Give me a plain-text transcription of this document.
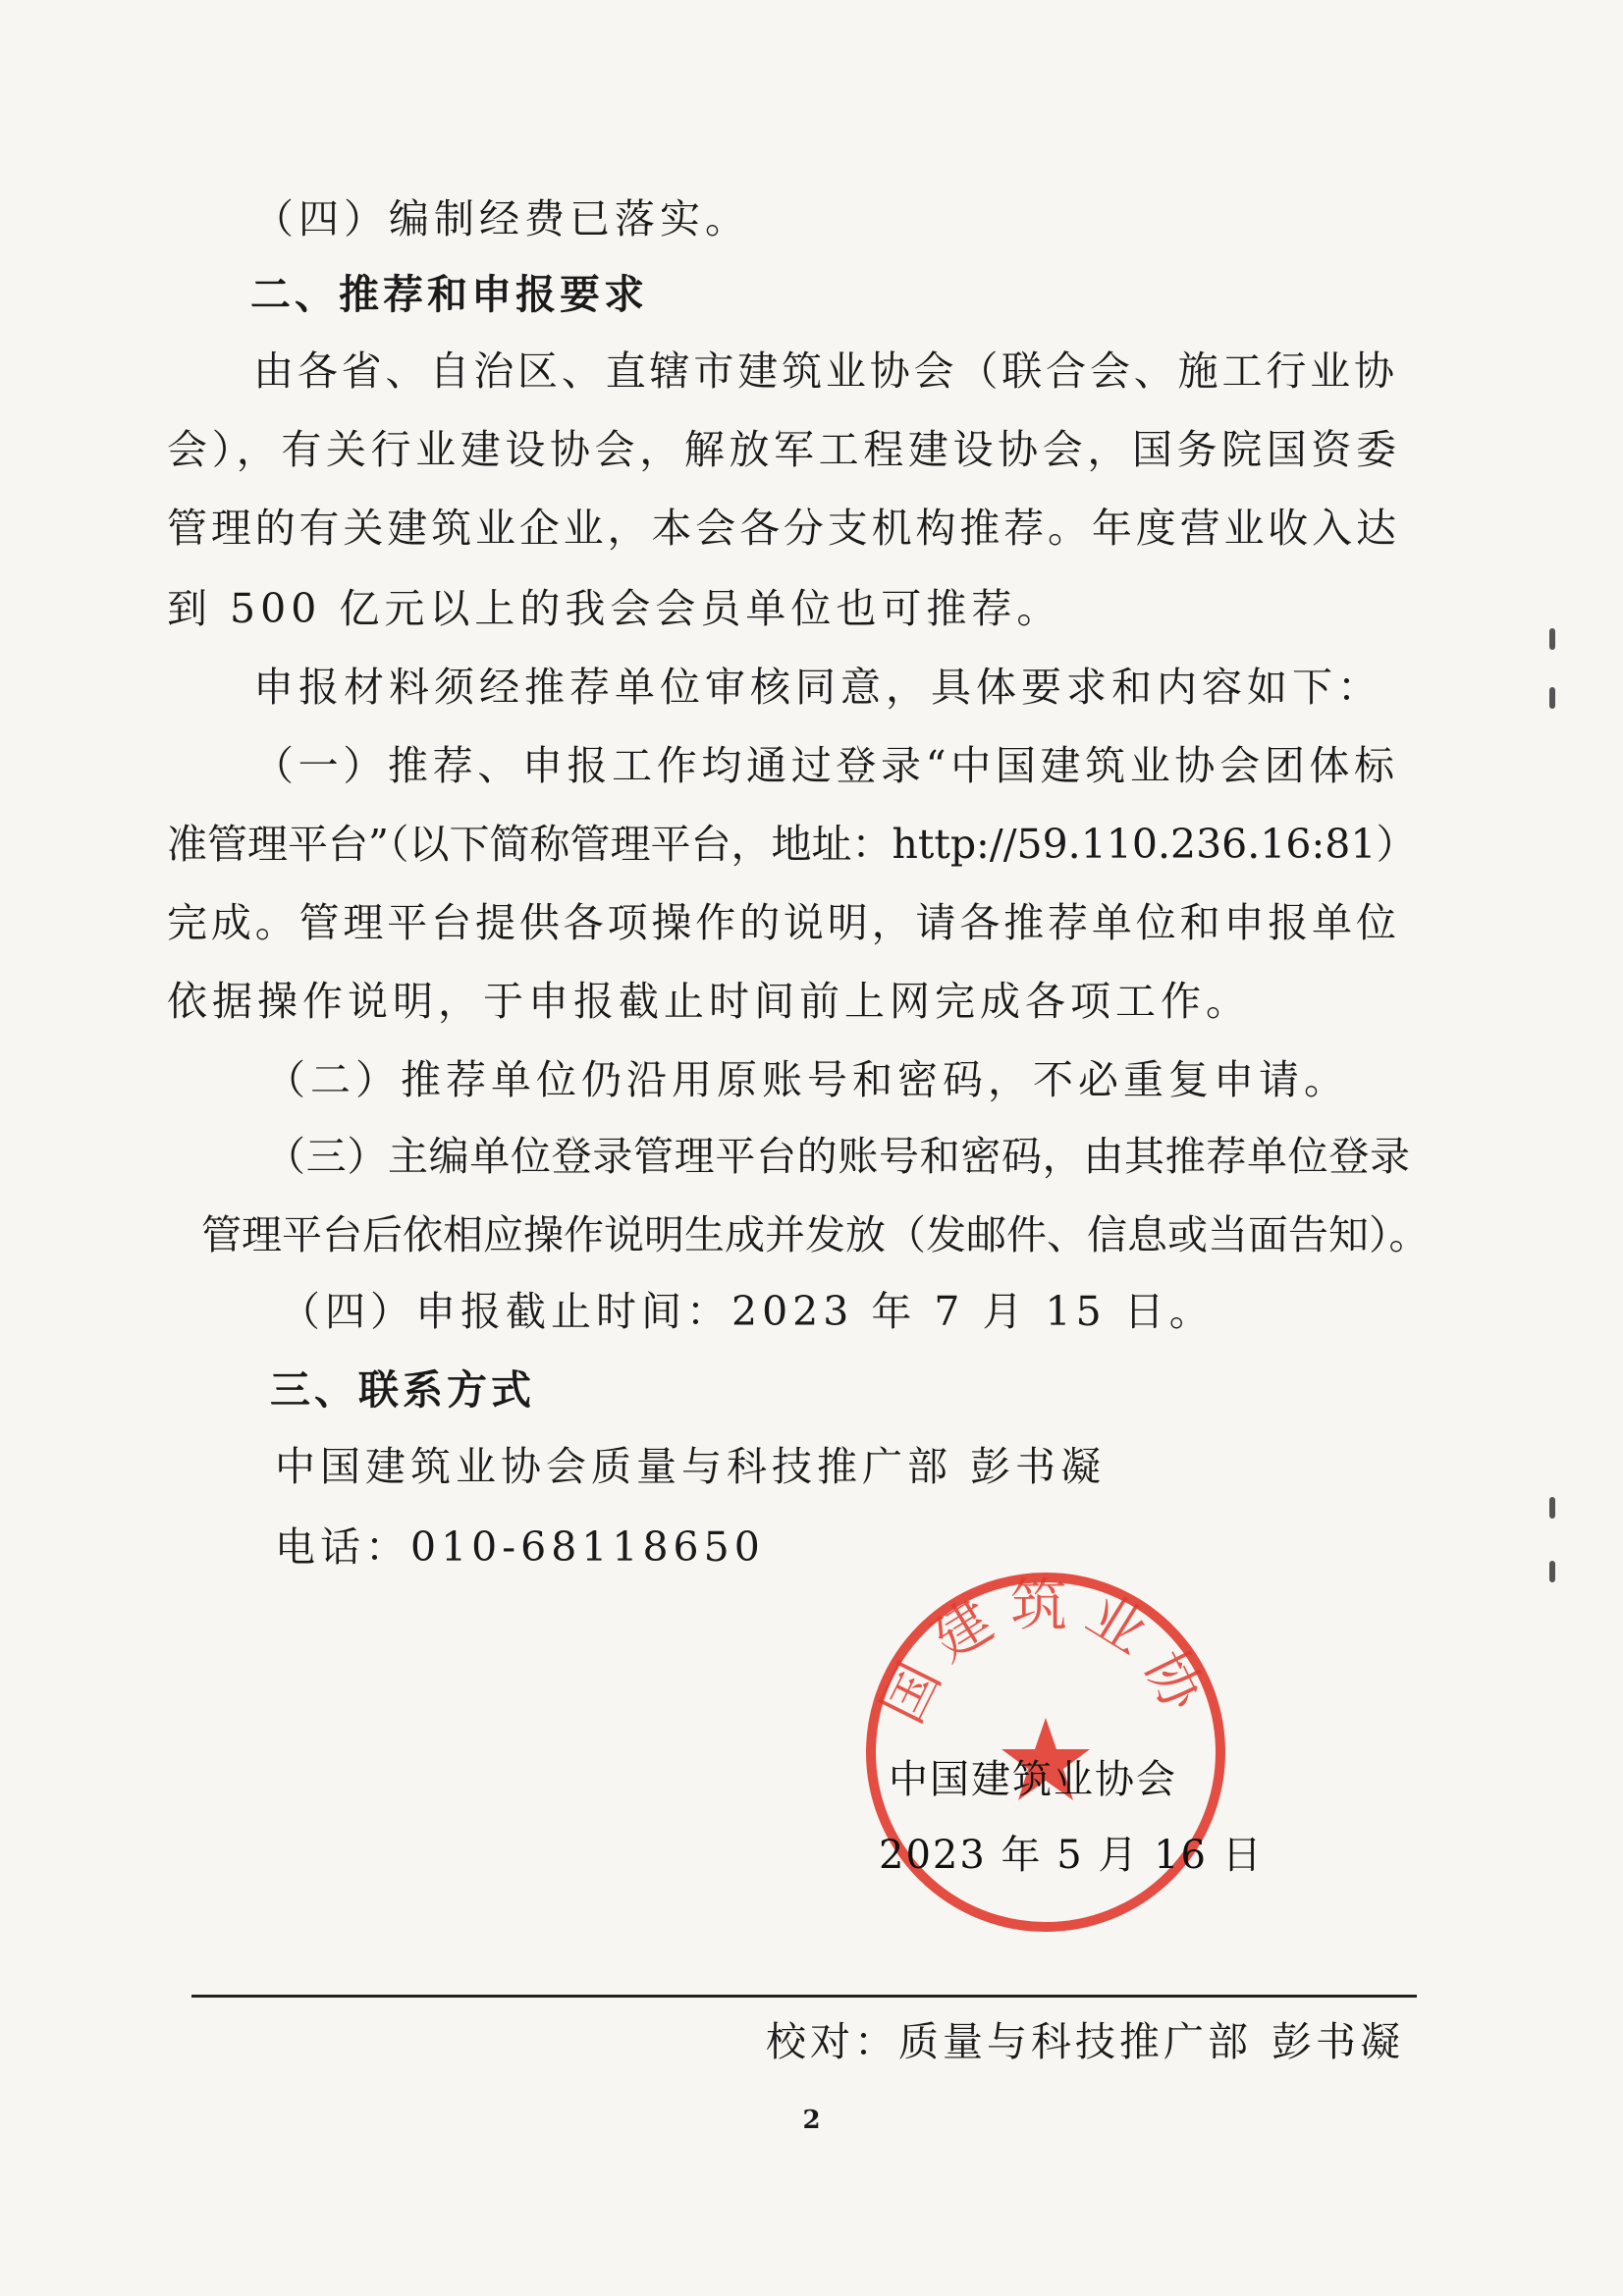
（四）编制经费已落实。
二、推荐和申报要求
由各省、自治区、直辖市建筑业协会（联合会、施工行业协
会），有关行业建设协会，解放军工程建设协会，国务院国资委
管理的有关建筑业企业，本会各分支机构推荐。年度营业收入达
到 500 亿元以上的我会会员单位也可推荐。
申报材料须经推荐单位审核同意，具体要求和内容如下：
（一）推荐、申报工作均通过登录“中国建筑业协会团体标
准管理平台”（以下简称管理平台，地址：http://59.110.236.16:81）
完成。管理平台提供各项操作的说明，请各推荐单位和申报单位
依据操作说明，于申报截止时间前上网完成各项工作。
（二）推荐单位仍沿用原账号和密码，不必重复申请。
（三）主编单位登录管理平台的账号和密码，由其推荐单位登录
管理平台后依相应操作说明生成并发放（发邮件、信息或当面告知）。
（四）申报截止时间：2023 年 7 月 15 日。
三、联系方式
中国建筑业协会质量与科技推广部 彭书凝
电话：010-68118650
国建筑业协
中国建筑业协会
2023 年 5 月 16 日
校对：质量与科技推广部 彭书凝
2
